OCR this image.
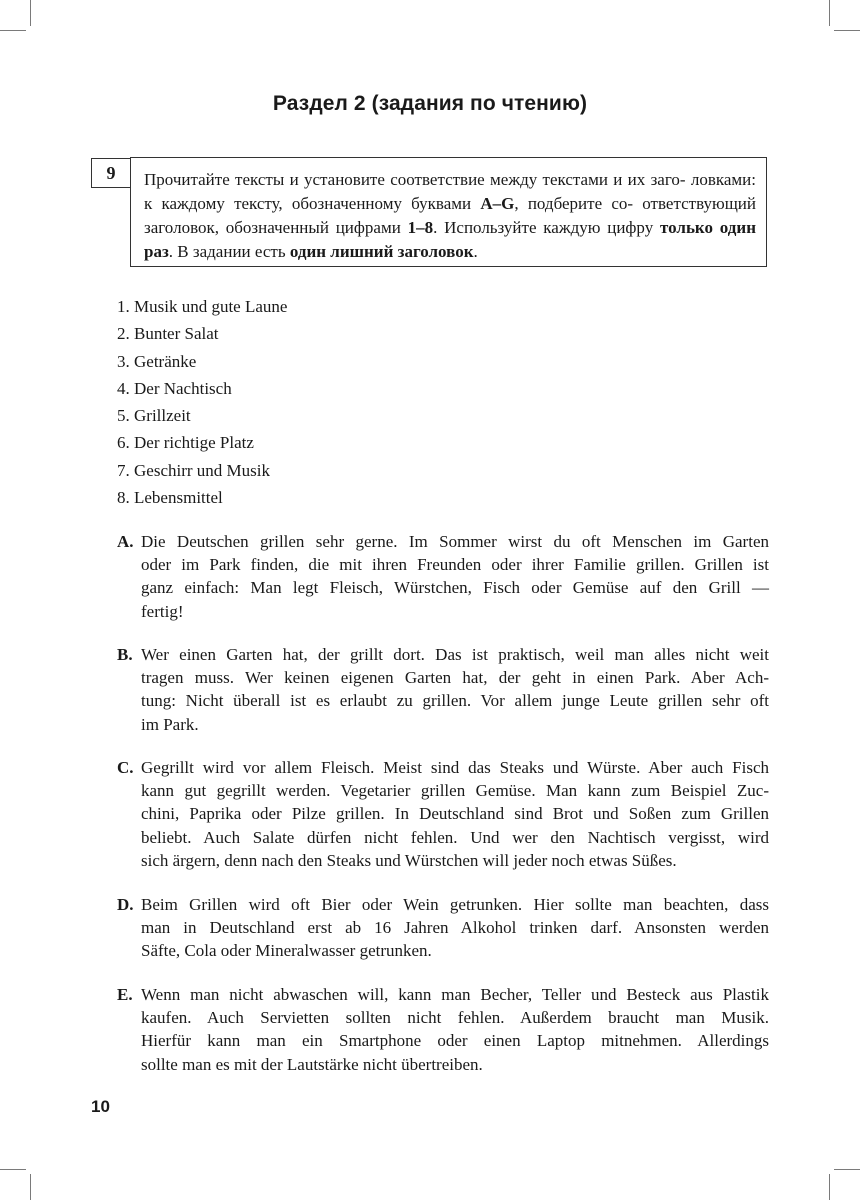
Раздел 2 (задания по чтению)
9	Прочитайте тексты и установите соответствие между текстами и их заго- ловками: к каждому тексту, обозначенному буквами A–G, подберите со- ответствующий заголовок, обозначенный цифрами 1–8. Используйте каждую цифру только один раз. В задании есть один лишний заголовок.
1. Musik und gute Laune
2. Bunter Salat
3. Getränke
4. Der Nachtisch
5. Grillzeit
6. Der richtige Platz
7. Geschirr und Musik
8. Lebensmittel
A. Die Deutschen grillen sehr gerne. Im Sommer wirst du oft Menschen im Garten
oder im Park finden, die mit ihren Freunden oder ihrer Familie grillen. Grillen ist
ganz einfach: Man legt Fleisch, Würstchen, Fisch oder Gemüse auf den Grill —
fertig!
B. Wer einen Garten hat, der grillt dort. Das ist praktisch, weil man alles nicht weit
tragen muss. Wer keinen eigenen Garten hat, der geht in einen Park. Aber Ach-
tung: Nicht überall ist es erlaubt zu grillen. Vor allem junge Leute grillen sehr oft
im Park.
C. Gegrillt wird vor allem Fleisch. Meist sind das Steaks und Würste. Aber auch Fisch
kann gut gegrillt werden. Vegetarier grillen Gemüse. Man kann zum Beispiel Zuc-
chini, Paprika oder Pilze grillen. In Deutschland sind Brot und Soßen zum Grillen
beliebt. Auch Salate dürfen nicht fehlen. Und wer den Nachtisch vergisst, wird
sich ärgern, denn nach den Steaks und Würstchen will jeder noch etwas Süßes.
D. Beim Grillen wird oft Bier oder Wein getrunken. Hier sollte man beachten, dass
man in Deutschland erst ab 16 Jahren Alkohol trinken darf. Ansonsten werden
Säfte, Cola oder Mineralwasser getrunken.
E. Wenn man nicht abwaschen will, kann man Becher, Teller und Besteck aus Plastik
kaufen. Auch Servietten sollten nicht fehlen. Außerdem braucht man Musik.
Hierfür kann man ein Smartphone oder einen Laptop mitnehmen. Allerdings
sollte man es mit der Lautstärke nicht übertreiben.
10
